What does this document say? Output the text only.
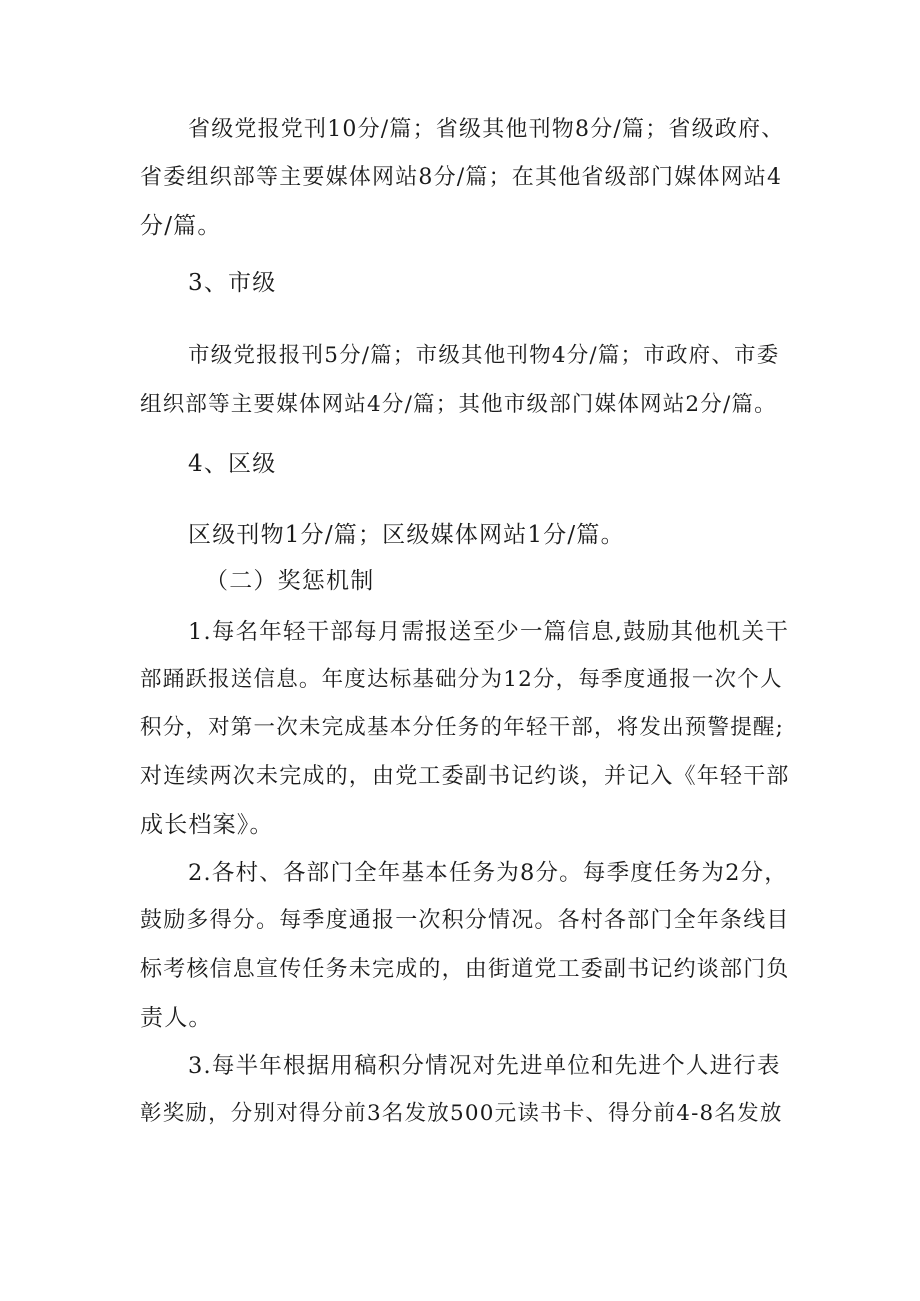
省级党报党刊10分/篇；省级其他刊物8分/篇；省级政府、
省委组织部等主要媒体网站8分/篇；在其他省级部门媒体网站4
分/篇。
3、市级
市级党报报刊5分/篇；市级其他刊物4分/篇；市政府、市委
组织部等主要媒体网站4分/篇；其他市级部门媒体网站2分/篇。
4、区级
区级刊物1分/篇；区级媒体网站1分/篇。
（二）奖惩机制
1.每名年轻干部每月需报送至少一篇信息,鼓励其他机关干
部踊跃报送信息。年度达标基础分为12分，每季度通报一次个人
积分，对第一次未完成基本分任务的年轻干部，将发出预警提醒;
对连续两次未完成的，由党工委副书记约谈，并记入《年轻干部
成长档案》。
2.各村、各部门全年基本任务为8分。每季度任务为2分，
鼓励多得分。每季度通报一次积分情况。各村各部门全年条线目
标考核信息宣传任务未完成的，由街道党工委副书记约谈部门负
责人。
3.每半年根据用稿积分情况对先进单位和先进个人进行表
彰奖励，分别对得分前3名发放500元读书卡、得分前4-8名发放
